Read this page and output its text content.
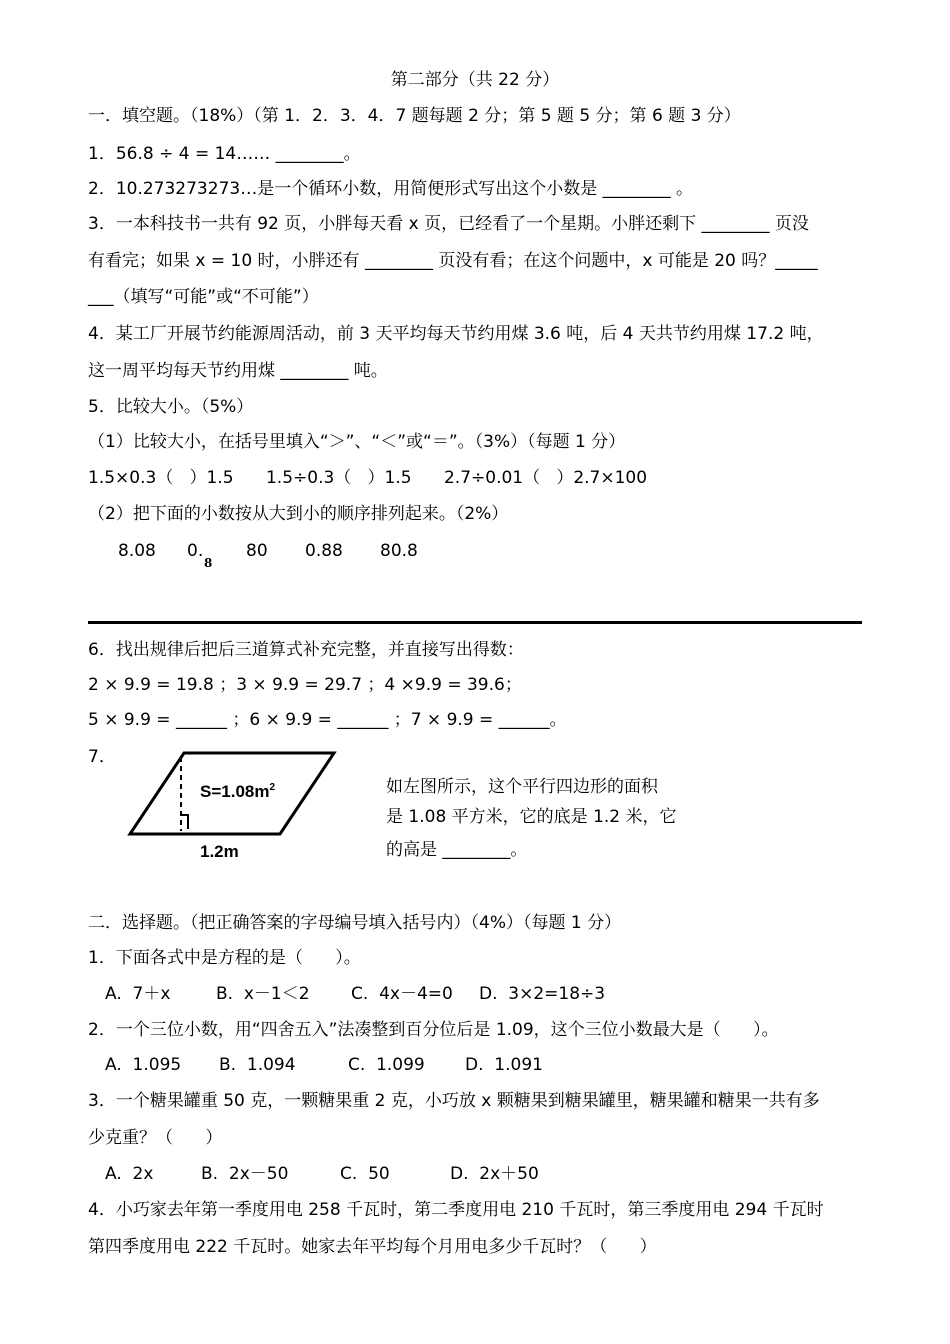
第二部分（共 22 分）
一．填空题。（18%）（第 1．2．3．4．7 题每题 2 分；第 5 题 5 分；第 6 题 3 分）
1．56.8 ÷ 4 = 14…… ________。
2．10.273273273…是一个循环小数，用简便形式写出这个小数是 ________ 。
3．一本科技书一共有 92 页，小胖每天看 x 页，已经看了一个星期。小胖还剩下 ________ 页没
有看完；如果 x = 10 时，小胖还有 ________ 页没有看；在这个问题中，x 可能是 20 吗？_____
___（填写“可能”或“不可能”）
4．某工厂开展节约能源周活动，前 3 天平均每天节约用煤 3.6 吨，后 4 天共节约用煤 17.2 吨，
这一周平均每天节约用煤 ________ 吨。
5．比较大小。（5%）
（1）比较大小，在括号里填入“＞”、“＜”或“＝”。（3%）（每题 1 分）
1.5×0.3（   ）1.5      1.5÷0.3（   ）1.5      2.7÷0.01（   ）2.7×100
（2）把下面的小数按从大到小的顺序排列起来。（2%）
8.08 0.
8
80 0.88 80.8
6．找出规律后把后三道算式补充完整，并直接写出得数：
2 × 9.9 = 19.8 ；3 × 9.9 = 29.7 ；4 ×9.9 = 39.6；
5 × 9.9 = ______ ；6 × 9.9 = ______ ；7 × 9.9 = ______。
7．
$S=1.08m^2$
1.2m
如左图所示，这个平行四边形的面积
是 1.08 平方米，它的底是 1.2 米，它
的高是 ________。
二．选择题。（把正确答案的字母编号填入括号内）（4%）（每题 1 分）
1．下面各式中是方程的是（      ）。
A.  7＋x	B.  x－1＜2 C.  4x－4=0 D.  3×2=18÷3
2．一个三位小数，用“四舍五入”法凑整到百分位后是 1.09，这个三位小数最大是（      ）。
A.  1.095 B.  1.094	C.  1.099 D.  1.091
3．一个糖果罐重 50 克，一颗糖果重 2 克，小巧放 x 颗糖果到糖果罐里，糖果罐和糖果一共有多
少克重？（      ）
A.  2x	B.  2x－50	C.  50	D.  2x＋50
4．小巧家去年第一季度用电 258 千瓦时，第二季度用电 210 千瓦时，第三季度用电 294 千瓦时
第四季度用电 222 千瓦时。她家去年平均每个月用电多少千瓦时？（      ）
